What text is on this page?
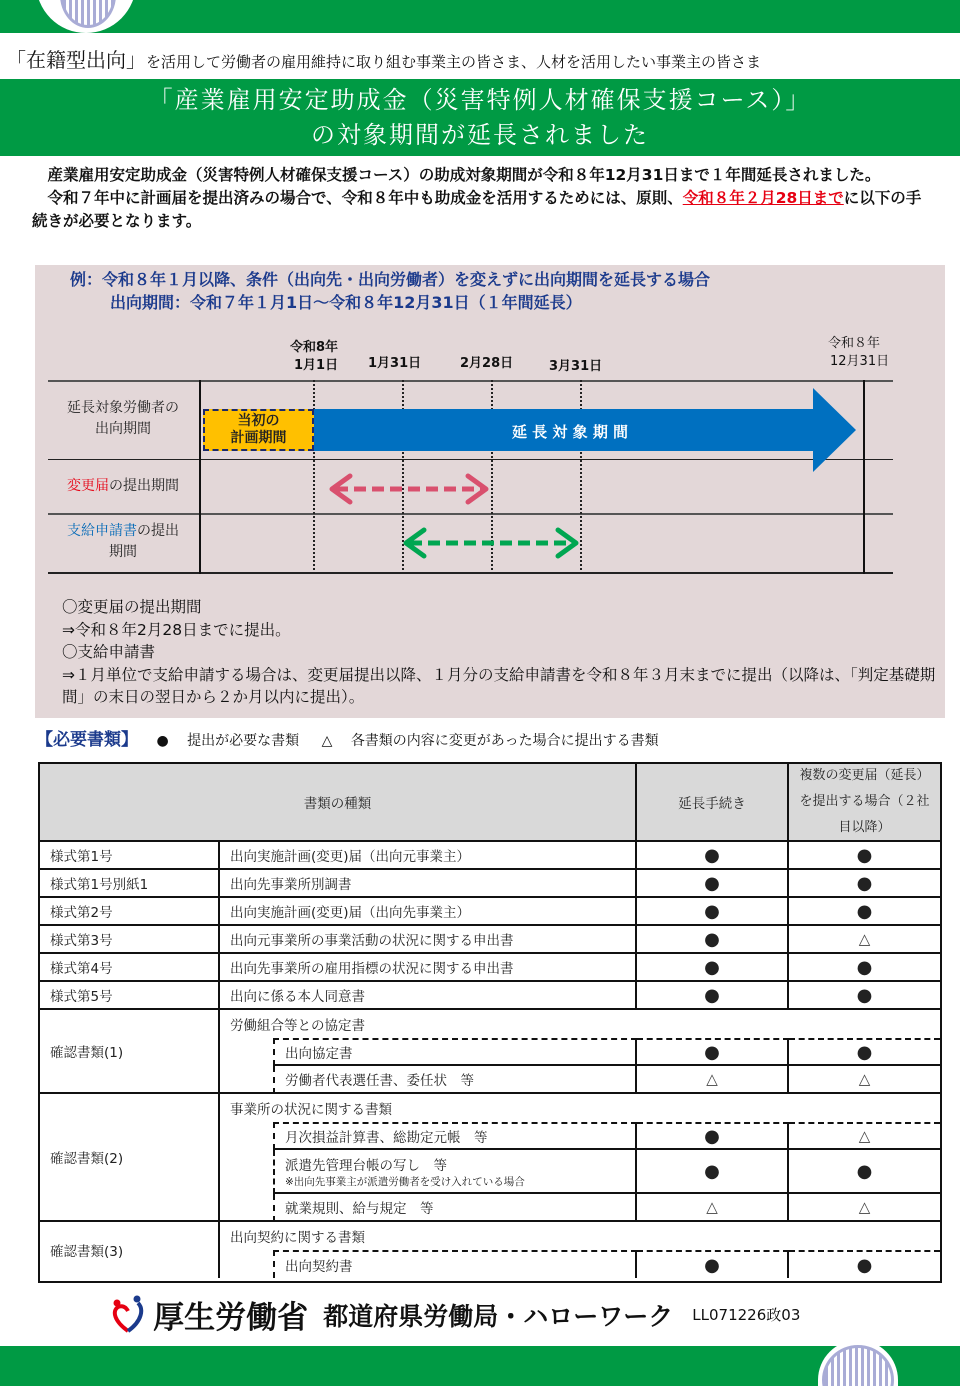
「在籍型出向」を活用して労働者の雇用維持に取り組む事業主の皆さま、人材を活用したい事業主の皆さま
「産業雇用安定助成金（災害特例人材確保支援コース）」
の対象期間が延長されました
　産業雇用安定助成金（災害特例人材確保支援コース）の助成対象期間が令和８年12月31日まで１年間延長されました。
　令和７年中に計画届を提出済みの場合で、令和８年中も助成金を活用するためには、原則、令和８年２月28日までに以下の手続きが必要となります。
例：令和８年１月以降、条件（出向先・出向労働者）を変えずに出向期間を延長する場合
出向期間：令和７年１月1日～令和８年12月31日（１年間延長）
令和8年
1月1日	1月31日	2月28日	3月31日
令和８年
12月31日
延長対象労働者の
出向期間
変更届の提出期間
支給申請書の提出
期間
延 長 対 象 期 間
当初の
計画期間
〇変更届の提出期間
⇒令和８年2月28日までに提出。
〇支給申請書
⇒１月単位で支給申請する場合は、変更届提出以降、１月分の支給申請書を令和８年３月末までに提出（以降は、「判定基礎期間」の末日の翌日から２か月以内に提出）。
【必要書類】 ● 提出が必要な書類 △ 各書類の内容に変更があった場合に提出する書類
書類の種類	延長手続き
複数の変更届（延長）を提出する場合（２社目以降）
様式第1号	出向実施計画(変更)届（出向元事業主）	●	●
様式第1号別紙1	出向先事業所別調書	●	●
様式第2号	出向実施計画(変更)届（出向先事業主）	●	●
様式第3号	出向元事業所の事業活動の状況に関する申出書	●	△
様式第4号	出向先事業所の雇用指標の状況に関する申出書	●	●
様式第5号	出向に係る本人同意書	●	●
確認書類(1)
労働組合等との協定書
出向協定書	●	●
労働者代表選任書、委任状　等	△	△
確認書類(2)
事業所の状況に関する書類
月次損益計算書、総勘定元帳　等	●	△
派遣先管理台帳の写し　等
※出向先事業主が派遣労働者を受け入れている場合	●	●
就業規則、給与規定　等	△	△
確認書類(3)
出向契約に関する書類
出向契約書	●	●
厚生労働省 都道府県労働局・ハローワーク LL071226政03
